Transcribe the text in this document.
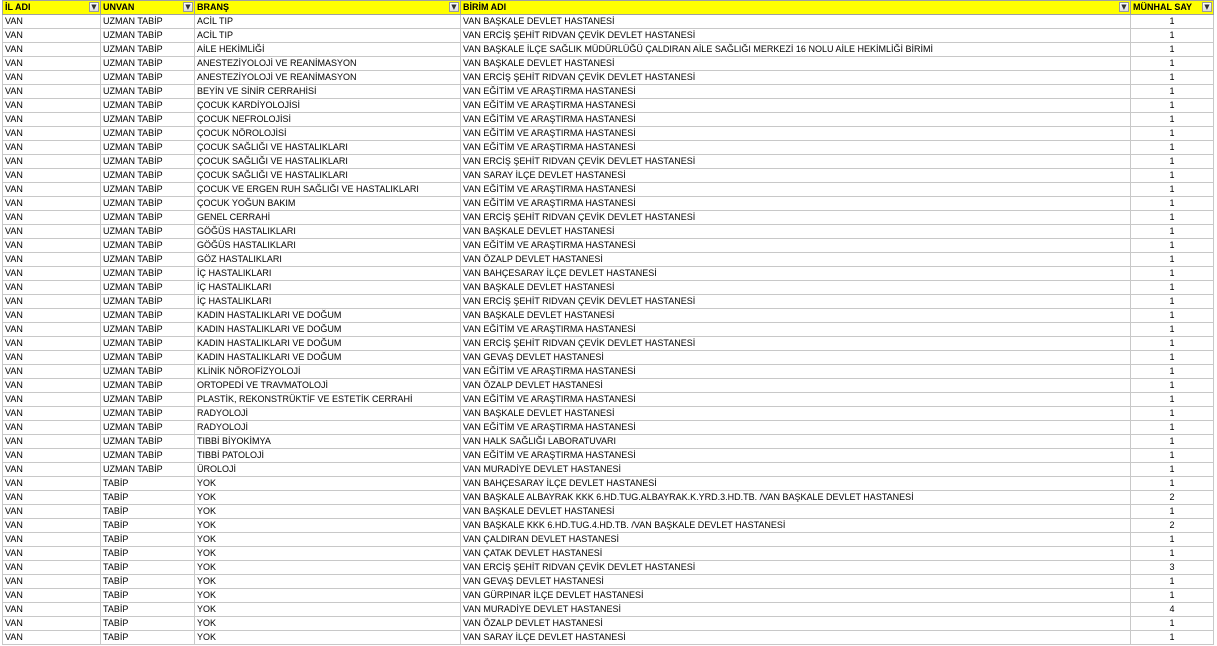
İL ADI ▼	UNVAN ▼	BRANŞ ▼	BİRİM ADI ▼	MÜNHAL SAY ▼

VAN	UZMAN TABİP	ACİL TIP	VAN BAŞKALE DEVLET HASTANESİ	1
VAN	UZMAN TABİP	ACİL TIP	VAN ERCİŞ ŞEHİT RIDVAN ÇEVİK DEVLET HASTANESİ	1
VAN	UZMAN TABİP	AİLE HEKİMLİĞİ	VAN BAŞKALE İLÇE SAĞLIK MÜDÜRLÜĞÜ ÇALDIRAN AİLE SAĞLIĞI MERKEZİ 16 NOLU AİLE HEKİMLİĞİ BİRİMİ	1
VAN	UZMAN TABİP	ANESTEZİYOLOJİ VE REANİMASYON	VAN BAŞKALE DEVLET HASTANESİ	1
VAN	UZMAN TABİP	ANESTEZİYOLOJİ VE REANİMASYON	VAN ERCİŞ ŞEHİT RIDVAN ÇEVİK DEVLET HASTANESİ	1
VAN	UZMAN TABİP	BEYİN VE SİNİR CERRAHİSİ	VAN EĞİTİM VE ARAŞTIRMA HASTANESİ	1
VAN	UZMAN TABİP	ÇOCUK KARDİYOLOJİSİ	VAN EĞİTİM VE ARAŞTIRMA HASTANESİ	1
VAN	UZMAN TABİP	ÇOCUK NEFROLOJİSİ	VAN EĞİTİM VE ARAŞTIRMA HASTANESİ	1
VAN	UZMAN TABİP	ÇOCUK NÖROLOJİSİ	VAN EĞİTİM VE ARAŞTIRMA HASTANESİ	1
VAN	UZMAN TABİP	ÇOCUK SAĞLIĞI VE HASTALIKLARI	VAN EĞİTİM VE ARAŞTIRMA HASTANESİ	1
VAN	UZMAN TABİP	ÇOCUK SAĞLIĞI VE HASTALIKLARI	VAN ERCİŞ ŞEHİT RIDVAN ÇEVİK DEVLET HASTANESİ	1
VAN	UZMAN TABİP	ÇOCUK SAĞLIĞI VE HASTALIKLARI	VAN SARAY İLÇE DEVLET HASTANESİ	1
VAN	UZMAN TABİP	ÇOCUK VE ERGEN RUH SAĞLIĞI VE HASTALIKLARI	VAN EĞİTİM VE ARAŞTIRMA HASTANESİ	1
VAN	UZMAN TABİP	ÇOCUK YOĞUN BAKIM	VAN EĞİTİM VE ARAŞTIRMA HASTANESİ	1
VAN	UZMAN TABİP	GENEL CERRAHİ	VAN ERCİŞ ŞEHİT RIDVAN ÇEVİK DEVLET HASTANESİ	1
VAN	UZMAN TABİP	GÖĞÜS HASTALIKLARI	VAN BAŞKALE DEVLET HASTANESİ	1
VAN	UZMAN TABİP	GÖĞÜS HASTALIKLARI	VAN EĞİTİM VE ARAŞTIRMA HASTANESİ	1
VAN	UZMAN TABİP	GÖZ HASTALIKLARI	VAN ÖZALP DEVLET HASTANESİ	1
VAN	UZMAN TABİP	İÇ HASTALIKLARI	VAN BAHÇESARAY İLÇE DEVLET HASTANESİ	1
VAN	UZMAN TABİP	İÇ HASTALIKLARI	VAN BAŞKALE DEVLET HASTANESİ	1
VAN	UZMAN TABİP	İÇ HASTALIKLARI	VAN ERCİŞ ŞEHİT RIDVAN ÇEVİK DEVLET HASTANESİ	1
VAN	UZMAN TABİP	KADIN HASTALIKLARI VE DOĞUM	VAN BAŞKALE DEVLET HASTANESİ	1
VAN	UZMAN TABİP	KADIN HASTALIKLARI VE DOĞUM	VAN EĞİTİM VE ARAŞTIRMA HASTANESİ	1
VAN	UZMAN TABİP	KADIN HASTALIKLARI VE DOĞUM	VAN ERCİŞ ŞEHİT RIDVAN ÇEVİK DEVLET HASTANESİ	1
VAN	UZMAN TABİP	KADIN HASTALIKLARI VE DOĞUM	VAN GEVAŞ DEVLET HASTANESİ	1
VAN	UZMAN TABİP	KLİNİK NÖROFİZYOLOJİ	VAN EĞİTİM VE ARAŞTIRMA HASTANESİ	1
VAN	UZMAN TABİP	ORTOPEDİ VE TRAVMATOLOJİ	VAN ÖZALP DEVLET HASTANESİ	1
VAN	UZMAN TABİP	PLASTİK, REKONSTRÜKTİF VE ESTETİK CERRAHİ	VAN EĞİTİM VE ARAŞTIRMA HASTANESİ	1
VAN	UZMAN TABİP	RADYOLOJİ	VAN BAŞKALE DEVLET HASTANESİ	1
VAN	UZMAN TABİP	RADYOLOJİ	VAN EĞİTİM VE ARAŞTIRMA HASTANESİ	1
VAN	UZMAN TABİP	TIBBİ BİYOKİMYA	VAN HALK SAĞLIĞI LABORATUVARI	1
VAN	UZMAN TABİP	TIBBİ PATOLOJİ	VAN EĞİTİM VE ARAŞTIRMA HASTANESİ	1
VAN	UZMAN TABİP	ÜROLOJİ	VAN MURADİYE DEVLET HASTANESİ	1
VAN	TABİP	YOK	VAN BAHÇESARAY İLÇE DEVLET HASTANESİ	1
VAN	TABİP	YOK	VAN BAŞKALE ALBAYRAK KKK 6.HD.TUG.ALBAYRAK.K.YRD.3.HD.TB. /VAN BAŞKALE DEVLET HASTANESİ	2
VAN	TABİP	YOK	VAN BAŞKALE DEVLET HASTANESİ	1
VAN	TABİP	YOK	VAN BAŞKALE KKK 6.HD.TUG.4.HD.TB. /VAN BAŞKALE DEVLET HASTANESİ	2
VAN	TABİP	YOK	VAN ÇALDIRAN DEVLET HASTANESİ	1
VAN	TABİP	YOK	VAN ÇATAK DEVLET HASTANESİ	1
VAN	TABİP	YOK	VAN ERCİŞ ŞEHİT RIDVAN ÇEVİK DEVLET HASTANESİ	3
VAN	TABİP	YOK	VAN GEVAŞ DEVLET HASTANESİ	1
VAN	TABİP	YOK	VAN GÜRPINAR İLÇE DEVLET HASTANESİ	1
VAN	TABİP	YOK	VAN MURADİYE DEVLET HASTANESİ	4
VAN	TABİP	YOK	VAN ÖZALP DEVLET HASTANESİ	1
VAN	TABİP	YOK	VAN SARAY İLÇE DEVLET HASTANESİ	1
